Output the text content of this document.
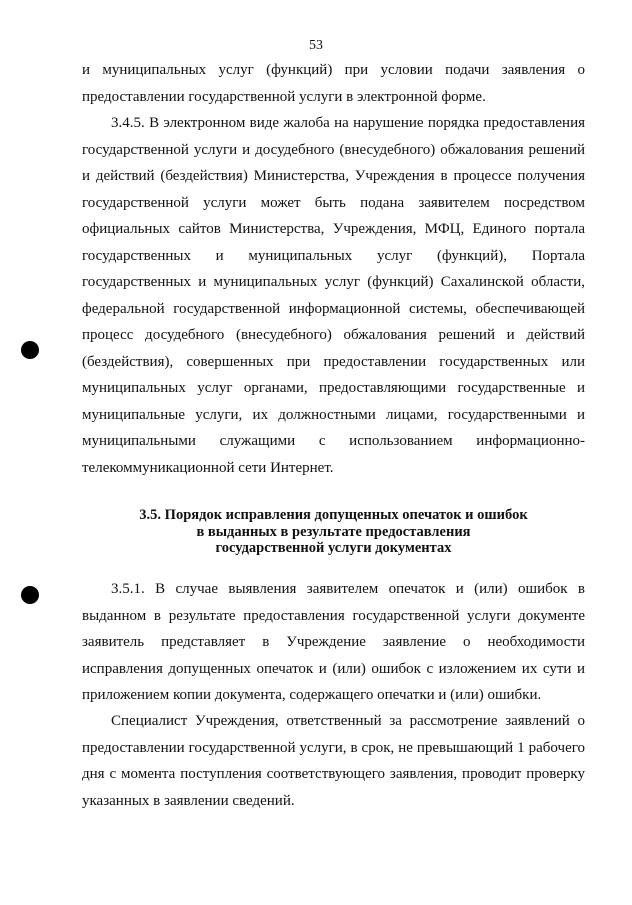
53

и муниципальных услуг (функций) при условии подачи заявления о предоставлении государственной услуги в электронной форме.

3.4.5. В электронном виде жалоба на нарушение порядка предоставления государственной услуги и досудебного (внесудебного) обжалования решений и действий (бездействия) Министерства, Учреждения в процессе получения государственной услуги может быть подана заявителем посредством официальных сайтов Министерства, Учреждения, МФЦ, Единого портала государственных и муниципальных услуг (функций), Портала государственных и муниципальных услуг (функций) Сахалинской области, федеральной государственной информационной системы, обеспечивающей процесс досудебного (внесудебного) обжалования решений и действий (бездействия), совершенных при предоставлении государственных или муниципальных услуг органами, предоставляющими государственные и муниципальные услуги, их должностными лицами, государственными и муниципальными служащими с использованием информационно-телекоммуникационной сети Интернет.

3.5. Порядок исправления допущенных опечаток и ошибок
в выданных в результате предоставления
государственной услуги документах

3.5.1. В случае выявления заявителем опечаток и (или) ошибок в выданном в результате предоставления государственной услуги документе заявитель представляет в Учреждение заявление о необходимости исправления допущенных опечаток и (или) ошибок с изложением их сути и приложением копии документа, содержащего опечатки и (или) ошибки.

Специалист Учреждения, ответственный за рассмотрение заявлений о предоставлении государственной услуги, в срок, не превышающий 1 рабочего дня с момента поступления соответствующего заявления, проводит проверку указанных в заявлении сведений.
